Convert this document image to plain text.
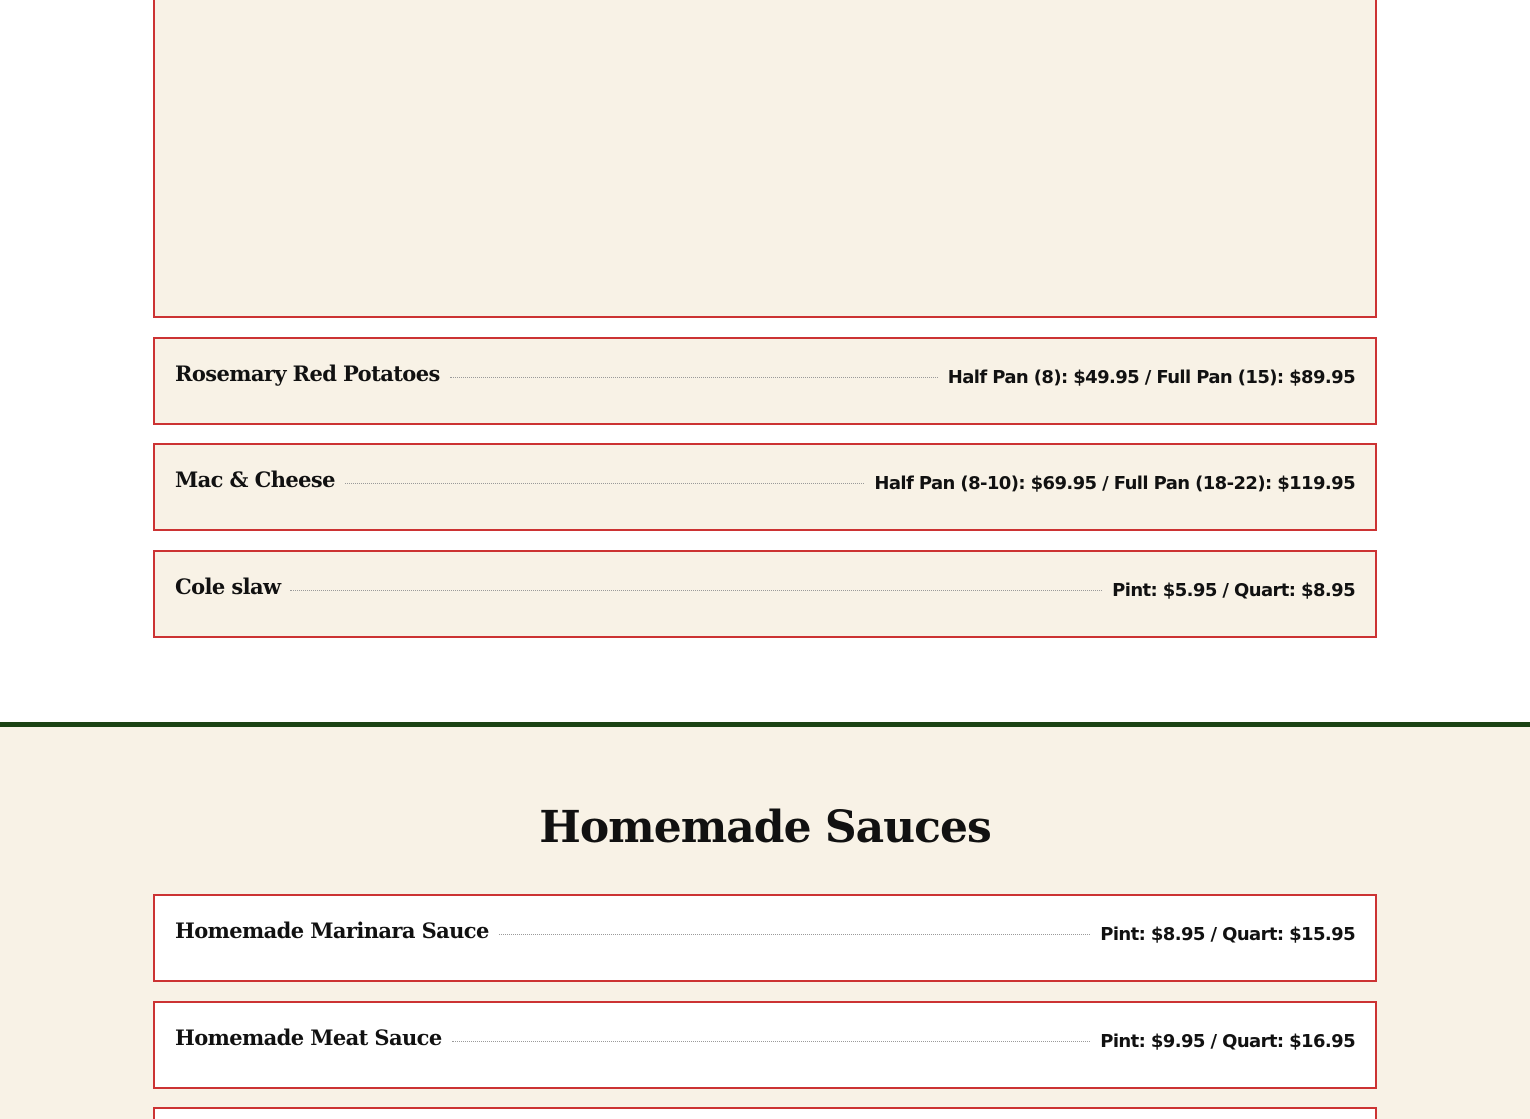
Rosemary Red Potatoes	Half Pan (8): $49.95 / Full Pan (15): $89.95
Mac & Cheese	Half Pan (8-10): $69.95 / Full Pan (18-22): $119.95
Cole slaw	Pint: $5.95 / Quart: $8.95
Homemade Sauces
Homemade Marinara Sauce	Pint: $8.95 / Quart: $15.95
Homemade Meat Sauce	Pint: $9.95 / Quart: $16.95
